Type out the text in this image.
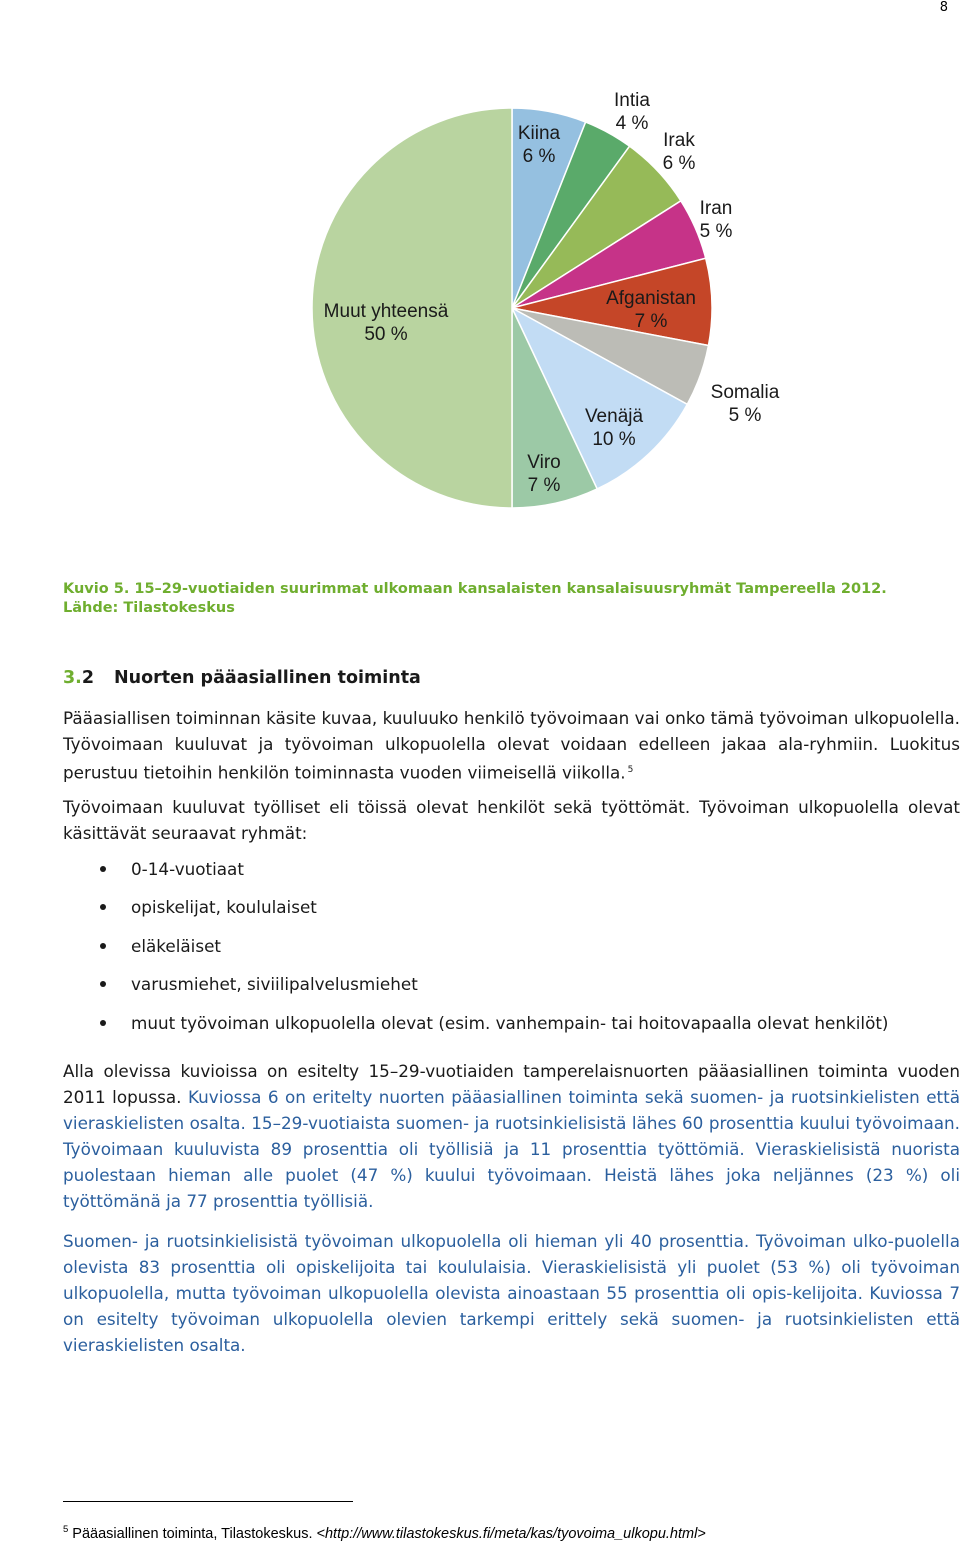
8
Kiina
6 %
Intia
4 %
Irak
6 %
Iran
5 %
Afganistan
7 %
Somalia
5 %
Venäjä
10 %
Viro
7 %
Muut yhteensä
50 %
Kuvio 5. 15–29-vuotiaiden suurimmat ulkomaan kansalaisten kansalaisuusryhmät Tampereella 2012.
Lähde: Tilastokeskus
3.2 Nuorten pääasiallinen toiminta

Pääasiallisen toiminnan käsite kuvaa, kuuluuko henkilö työvoimaan vai onko tämä työvoiman ulkopuolella. Työvoimaan kuuluvat ja työvoiman ulkopuolella olevat voidaan edelleen jakaa ala-ryhmiin. Luokitus perustuu tietoihin henkilön toiminnasta vuoden viimeisellä viikolla. $^5$

Työvoimaan kuuluvat työlliset eli töissä olevat henkilöt sekä työttömät. Työvoiman ulkopuolella olevat käsittävät seuraavat ryhmät:

0-14-vuotiaat
opiskelijat, koululaiset
eläkeläiset
varusmiehet, siviilipalvelusmiehet
muut työvoiman ulkopuolella olevat (esim. vanhempain- tai hoitovapaalla olevat henkilöt)

Alla olevissa kuvioissa on esitelty 15–29-vuotiaiden tamperelaisnuorten pääasiallinen toiminta vuoden 2011 lopussa. Kuviossa 6 on eritelty nuorten pääasiallinen toiminta sekä suomen- ja ruotsinkielisten että vieraskielisten osalta. 15–29-vuotiaista suomen- ja ruotsinkielisistä lähes 60 prosenttia kuului työvoimaan. Työvoimaan kuuluvista 89 prosenttia oli työllisiä ja 11 prosenttia työttömiä. Vieraskielisistä nuorista puolestaan hieman alle puolet (47 %) kuului työvoimaan. Heistä lähes joka neljännes (23 %) oli työttömänä ja 77 prosenttia työllisiä.

Suomen- ja ruotsinkielisistä työvoiman ulkopuolella oli hieman yli 40 prosenttia. Työvoiman ulko-puolella olevista 83 prosenttia oli opiskelijoita tai koululaisia. Vieraskielisistä yli puolet (53 %) oli työvoiman ulkopuolella, mutta työvoiman ulkopuolella olevista ainoastaan 55 prosenttia oli opis-kelijoita. Kuviossa 7 on esitelty työvoiman ulkopuolella olevien tarkempi erittely sekä suomen- ja ruotsinkielisten että vieraskielisten osalta.

$^5$ Pääasiallinen toiminta, Tilastokeskus. <http://www.tilastokeskus.fi/meta/kas/tyovoima_ulkopu.html>
